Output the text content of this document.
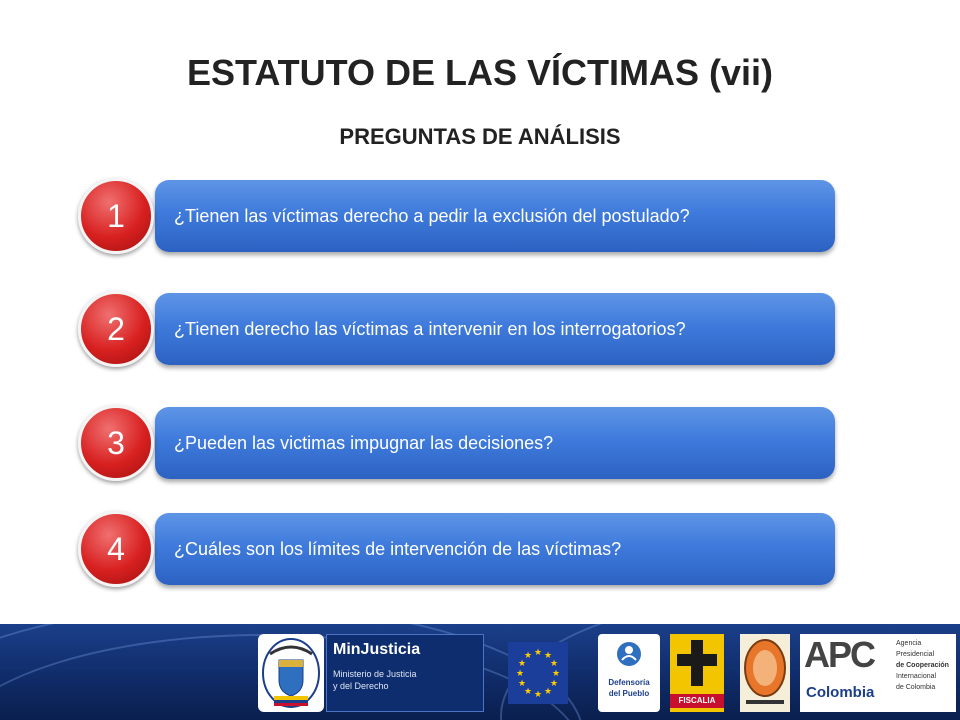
ESTATUTO DE LAS VÍCTIMAS (vii)
PREGUNTAS DE ANÁLISIS
¿Tienen las víctimas derecho a pedir la exclusión del postulado?
1
¿Tienen derecho las víctimas a intervenir en los interrogatorios?
2
¿Pueden las victimas impugnar las decisiones?
3
¿Cuáles son los límites de intervención de las víctimas?
4
MinJusticia
Ministerio de Justicia
y del Derecho
★ ★
★
★
★
★
★
★
★
★
★
★
Defensoría
del Pueblo
FISCALIA
APC
Colombia
Agencia
Presidencial
de Cooperación
Internacional
de Colombia
